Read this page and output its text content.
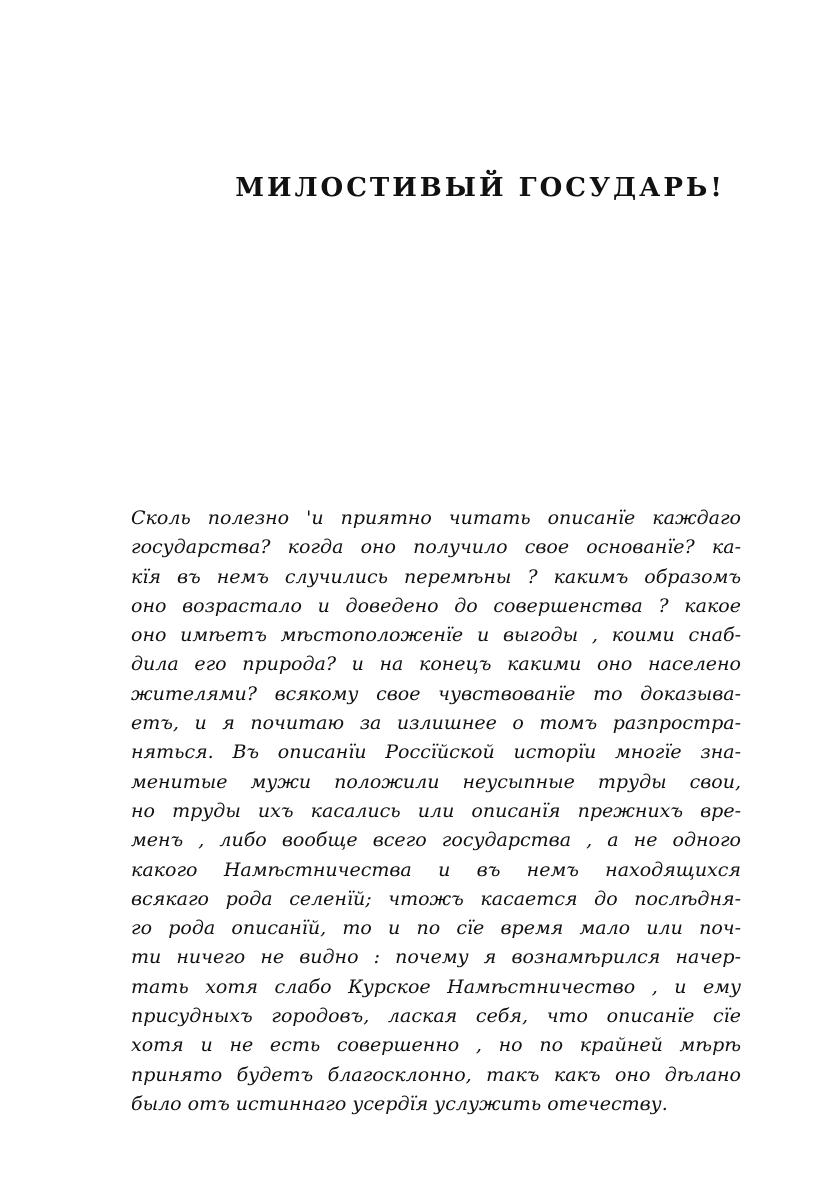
МИЛОСТИВЫЙ ГОСУДАРЬ!
Сколь полезно 'и приятно читать описанїе каждаго
государства? когда оно получило свое основанїе? ка-
кїя въ немъ случились перемѣны ? какимъ образомъ
оно возрастало и доведено до совершенства ? какое
оно имѣетъ мѣстоположенїе и выгоды , коими снаб-
дила его природа? и на конецъ какими оно населено
жителями? всякому свое чувствованїе то доказыва-
етъ, и я почитаю за излишнее о томъ разпростра-
няться. Въ описанїи Россїйской исторїи многїе зна-
менитые мужи положили неусыпные труды свои,
но труды ихъ касались или описанїя прежнихъ вре-
менъ , либо вообще всего государства , а не одного
какого Намѣстничества и въ немъ находящихся
всякаго рода селенїй; чтожъ касается до послѣдня-
го рода описанїй, то и по сїе время мало или поч-
ти ничего не видно : почему я вознамѣрился начер-
тать хотя слабо Курское Намѣстничество , и ему
присудныхъ городовъ, лаская себя, что описанїе сїе
хотя и не есть совершенно , но по крайней мѣрѣ
принято будетъ благосклонно, такъ какъ оно дѣлано
было отъ истиннаго усердїя услужить отечеству.
